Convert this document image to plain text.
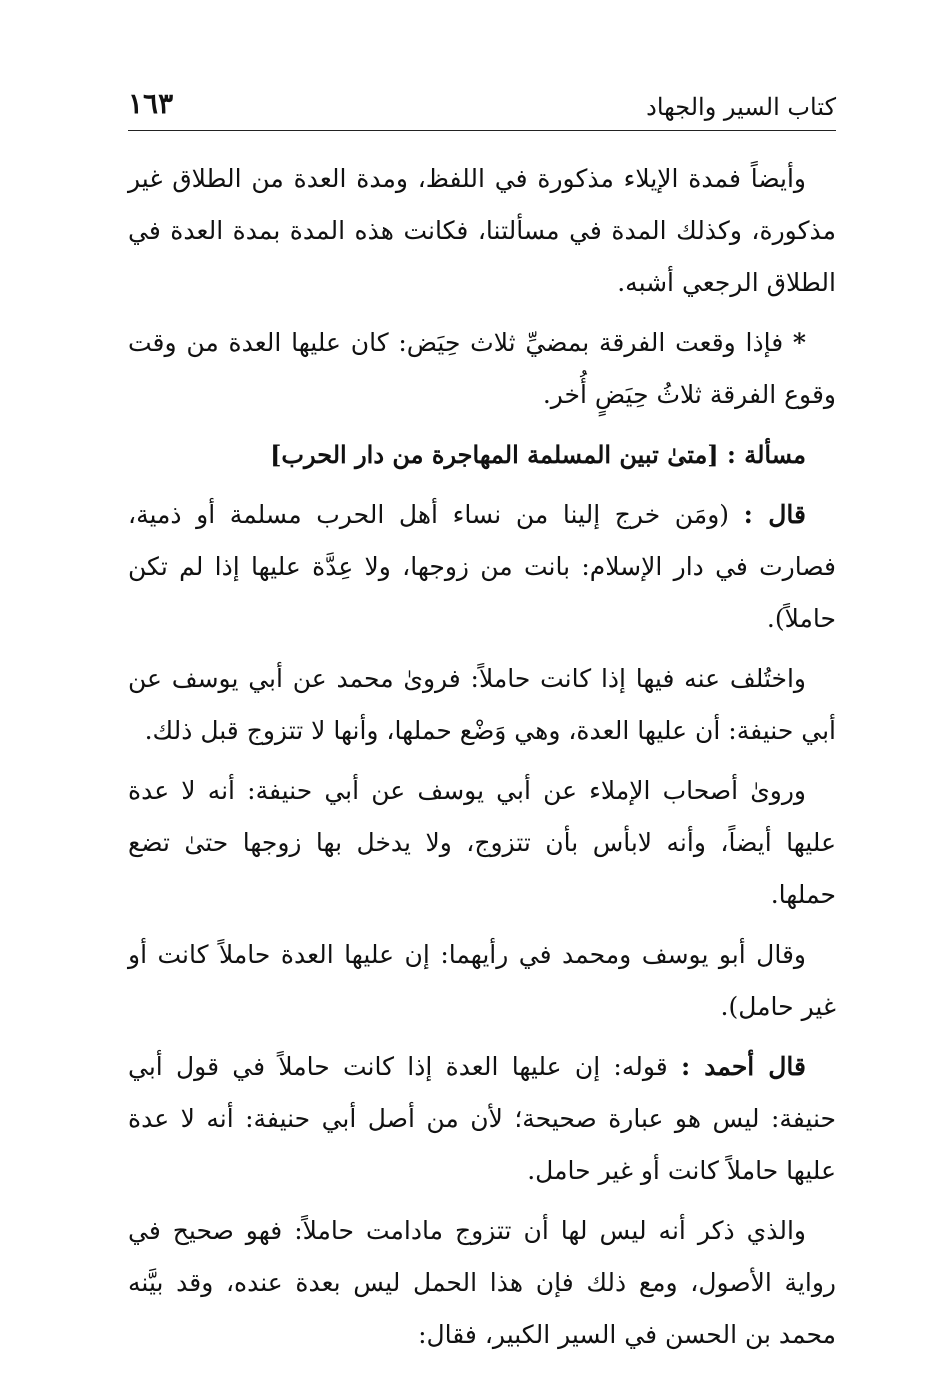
كتاب السير والجهاد
١٦٣

وأيضاً فمدة الإيلاء مذكورة في اللفظ، ومدة العدة من الطلاق غير مذكورة، وكذلك المدة في مسألتنا، فكانت هذه المدة بمدة العدة في الطلاق الرجعي أشبه.

* فإذا وقعت الفرقة بمضيِّ ثلاث حِيَض: كان عليها العدة من وقت وقوع الفرقة ثلاثُ حِيَضٍ أُخر.

مسألة : [متىٰ تبين المسلمة المهاجرة من دار الحرب]

قال : (ومَن خرج إلينا من نساء أهل الحرب مسلمة أو ذمية، فصارت في دار الإسلام: بانت من زوجها، ولا عِدَّة عليها إذا لم تكن حاملاً).

واختُلف عنه فيها إذا كانت حاملاً: فروىٰ محمد عن أبي يوسف عن أبي حنيفة: أن عليها العدة، وهي وَضْع حملها، وأنها لا تتزوج قبل ذلك.

ورویٰ أصحاب الإملاء عن أبي يوسف عن أبي حنيفة: أنه لا عدة عليها أيضاً، وأنه لابأس بأن تتزوج، ولا يدخل بها زوجها حتىٰ تضع حملها.

وقال أبو يوسف ومحمد في رأيهما: إن عليها العدة حاملاً كانت أو غير حامل).

قال أحمد : قوله: إن عليها العدة إذا كانت حاملاً في قول أبي حنيفة: ليس هو عبارة صحيحة؛ لأن من أصل أبي حنيفة: أنه لا عدة عليها حاملاً كانت أو غير حامل.

والذي ذكر أنه ليس لها أن تتزوج مادامت حاملاً: فهو صحيح في رواية الأصول، ومع ذلك فإن هذا الحمل ليس بعدة عنده، وقد بيَّنه محمد بن الحسن في السير الكبير، فقال:
